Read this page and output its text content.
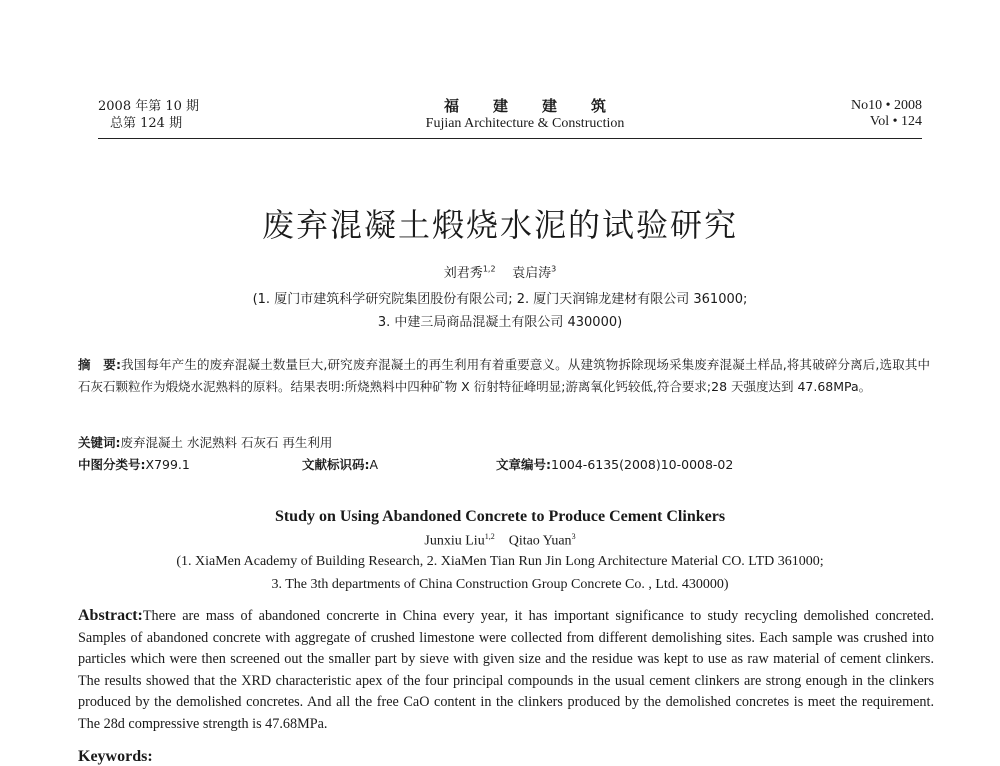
2008 年第 10 期
总第 124 期
福建建筑
Fujian Architecture & Construction
No10 • 2008
Vol • 124
废弃混凝土煅烧水泥的试验研究
刘君秀$^{1,2}$ 袁启涛$^3$
(1. 厦门市建筑科学研究院集团股份有限公司; 2. 厦门天润锦龙建材有限公司 361000;
3. 中建三局商品混凝土有限公司 430000)
摘　要:我国每年产生的废弃混凝土数量巨大,研究废弃混凝土的再生利用有着重要意义。从建筑物拆除现场采集废弃混凝土样品,将其破碎分离后,选取其中石灰石颗粒作为煅烧水泥熟料的原料。结果表明:所烧熟料中四种矿物 X 衍射特征峰明显;游离氧化钙较低,符合要求;28 天强度达到 47.68MPa。
关键词:废弃混凝土 水泥熟料 石灰石 再生利用
中图分类号:X799.1	文献标识码:A	文章编号:1004-6135(2008)10-0008-02
Study on Using Abandoned Concrete to Produce Cement Clinkers
Junxiu Liu$^{1,2}$ Qitao Yuan$^3$
(1. XiaMen Academy of Building Research, 2. XiaMen Tian Run Jin Long Architecture Material CO. LTD 361000;
3. The 3th departments of China Construction Group Concrete Co. , Ltd. 430000)
Abstract:There are mass of abandoned concrerte in China every year, it has important significance to study recycling demolished concreted. Samples of abandoned concrete with aggregate of crushed limestone were collected from different demolishing sites. Each sample was crushed into particles which were then screened out the smaller part by sieve with given size and the residue was kept to use as raw material of cement clinkers. The results showed that the XRD characteristic apex of the four principal compounds in the usual cement clinkers are strong enough in the clinkers produced by the demolished concretes. And all the free CaO content in the clinkers produced by the demolished concretes is meet the requirement. The 28d compressive strength is 47.68MPa.
Keywords:
